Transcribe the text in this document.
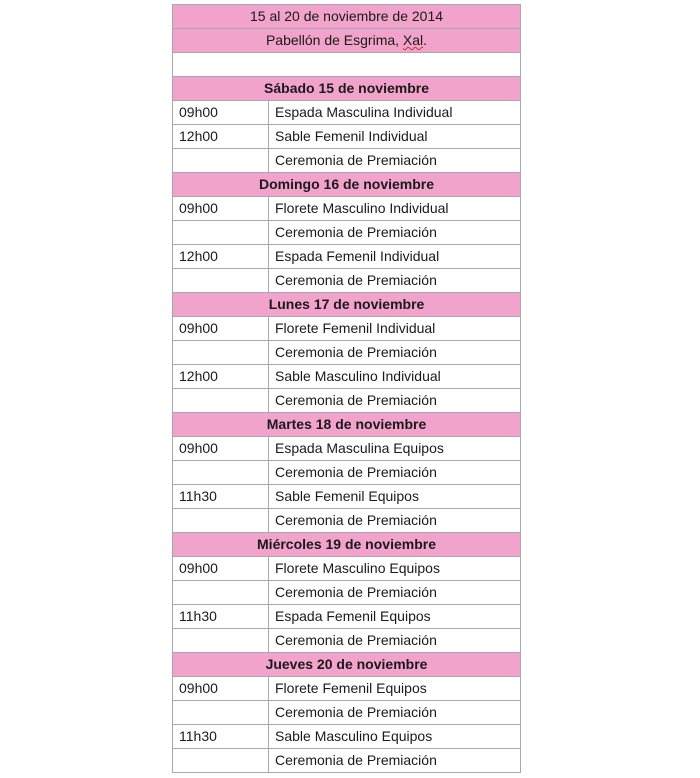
15 al 20 de noviembre de 2014	
Pabellón de Esgrima, Xal.	

Sábado 15 de noviembre	
09h00	Espada Masculina Individual
12h00	Sable Femenil Individual
	Ceremonia de Premiación
Domingo 16 de noviembre	
09h00	Florete Masculino Individual
	Ceremonia de Premiación
12h00	Espada Femenil Individual
	Ceremonia de Premiación
Lunes 17 de noviembre	
09h00	Florete Femenil Individual
	Ceremonia de Premiación
12h00	Sable Masculino Individual
	Ceremonia de Premiación
Martes 18 de noviembre	
09h00	Espada Masculina Equipos
	Ceremonia de Premiación
11h30	Sable Femenil Equipos
	Ceremonia de Premiación
Miércoles 19 de noviembre	
09h00	Florete Masculino Equipos
	Ceremonia de Premiación
11h30	Espada Femenil Equipos
	Ceremonia de Premiación
Jueves 20 de noviembre	
09h00	Florete Femenil Equipos
	Ceremonia de Premiación
11h30	Sable Masculino Equipos
	Ceremonia de Premiación
